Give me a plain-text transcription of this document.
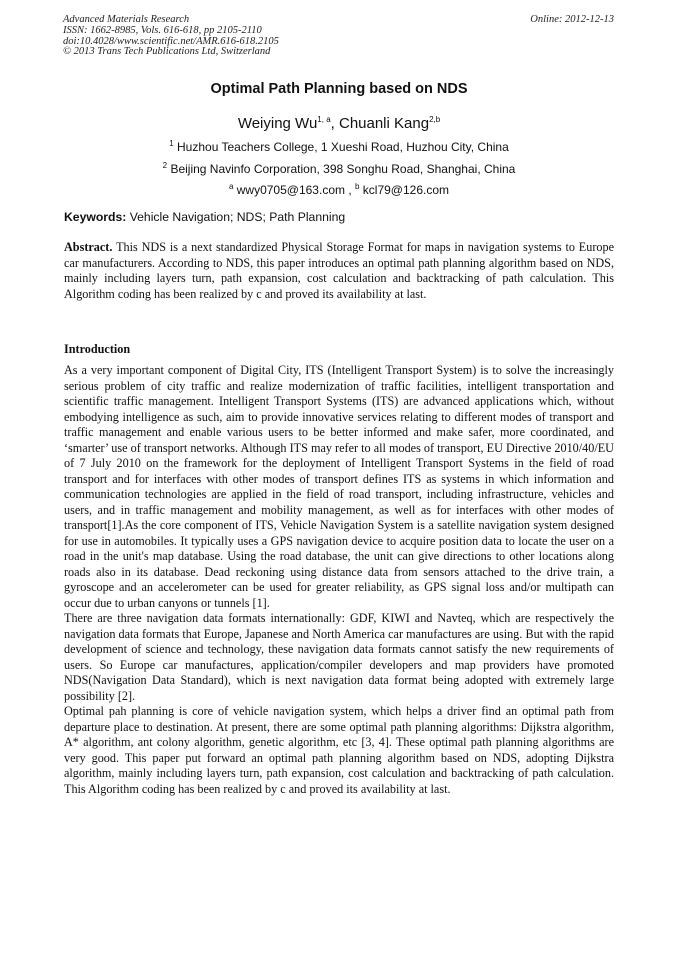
Advanced Materials Research
ISSN: 1662-8985, Vols. 616-618, pp 2105-2110
doi:10.4028/www.scientific.net/AMR.616-618.2105
© 2013 Trans Tech Publications Ltd, Switzerland
Online: 2012-12-13
Optimal Path Planning based on NDS
Weiying Wu$^{1, a}$, Chuanli Kang$^{2,b}$
$^1$ Huzhou Teachers College, 1 Xueshi Road, Huzhou City, China
$^2$ Beijing Navinfo Corporation, 398 Songhu Road, Shanghai, China
$^a$ wwy0705@163.com , $^b$ kcl79@126.com
Keywords: Vehicle Navigation; NDS; Path Planning
Abstract. This NDS is a next standardized Physical Storage Format for maps in navigation systems to Europe car manufacturers. According to NDS, this paper introduces an optimal path planning algorithm based on NDS, mainly including layers turn, path expansion, cost calculation and backtracking of path calculation. This Algorithm coding has been realized by c and proved its availability at last.
Introduction

As a very important component of Digital City, ITS (Intelligent Transport System) is to solve the increasingly serious problem of city traffic and realize modernization of traffic facilities, intelligent transportation and scientific traffic management. Intelligent Transport Systems (ITS) are advanced applications which, without embodying intelligence as such, aim to provide innovative services relating to different modes of transport and traffic management and enable various users to be better informed and make safer, more coordinated, and ‘smarter’ use of transport networks. Although ITS may refer to all modes of transport, EU Directive 2010/40/EU of 7 July 2010 on the framework for the deployment of Intelligent Transport Systems in the field of road transport and for interfaces with other modes of transport defines ITS as systems in which information and communication technologies are applied in the field of road transport, including infrastructure, vehicles and users, and in traffic management and mobility management, as well as for interfaces with other modes of transport[1].As the core component of ITS, Vehicle Navigation System is a satellite navigation system designed for use in automobiles. It typically uses a GPS navigation device to acquire position data to locate the user on a road in the unit's map database. Using the road database, the unit can give directions to other locations along roads also in its database. Dead reckoning using distance data from sensors attached to the drive train, a gyroscope and an accelerometer can be used for greater reliability, as GPS signal loss and/or multipath can occur due to urban canyons or tunnels [1].

There are three navigation data formats internationally: GDF, KIWI and Navteq, which are respectively the navigation data formats that Europe, Japanese and North America car manufactures are using. But with the rapid development of science and technology, these navigation data formats cannot satisfy the new requirements of users. So Europe car manufactures, application/compiler developers and map providers have promoted NDS(Navigation Data Standard), which is next navigation data format being adopted with extremely large possibility [2].

Optimal pah planning is core of vehicle navigation system, which helps a driver find an optimal path from departure place to destination. At present, there are some optimal path planning algorithms: Dijkstra algorithm, A* algorithm, ant colony algorithm, genetic algorithm, etc [3, 4]. These optimal path planning algorithms are very good. This paper put forward an optimal path planning algorithm based on NDS, adopting Dijkstra algorithm, mainly including layers turn, path expansion, cost calculation and backtracking of path calculation. This Algorithm coding has been realized by c and proved its availability at last.
